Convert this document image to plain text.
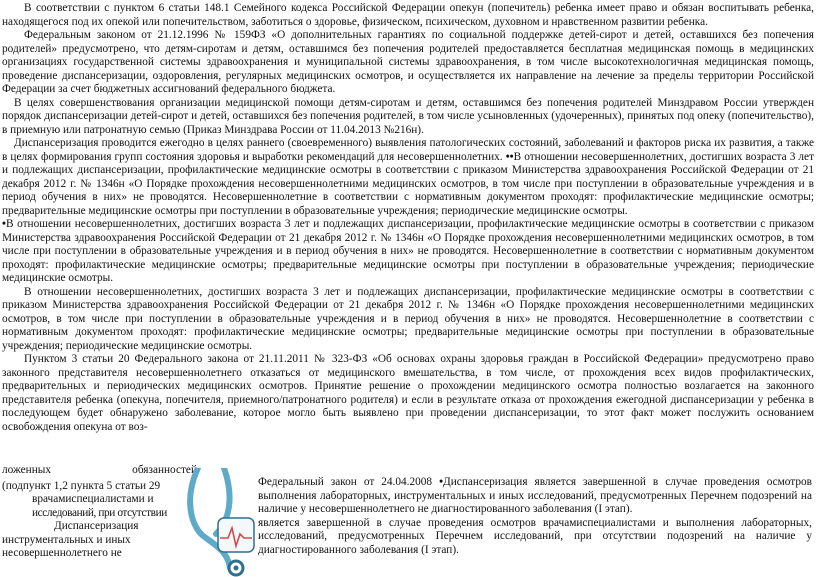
В соответствии с пунктом 6 статьи 148.1 Семейного кодекса Российской Федерации опекун (попечитель) ребенка имеет право и обязан воспитывать ребенка, находящегося под их опекой или попечительством, заботиться о здоровье, физическом, психическом, духовном и нравственном развитии ребенка.

Федеральным законом от 21.12.1996 № 159ФЗ «О дополнительных гарантиях по социальной поддержке детей-сирот и детей, оставшихся без попечения родителей» предусмотрено, что детям-сиротам и детям, оставшимся без попечения родителей предоставляется бесплатная медицинская помощь в медицинских организациях государственной системы здравоохранения и муниципальной системы здравоохранения, в том числе высокотехнологичная медицинская помощь, проведение диспансеризации, оздоровления, регулярных медицинских осмотров, и осуществляется их направление на лечение за пределы территории Российской Федерации за счет бюджетных ассигнований федерального бюджета.

В целях совершенствования организации медицинской помощи детям-сиротам и детям, оставшимся без попечения родителей Минздравом России утвержден порядок диспансеризации детей-сирот и детей, оставшихся без попечения родителей, в том числе усыновленных (удочеренных), принятых под опеку (попечительство), в приемную или патронатную семью (Приказ Минздрава России от 11.04.2013 №216н).

Диспансеризация проводится ежегодно в целях раннего (своевременного) выявления патологических состояний, заболеваний и факторов риска их развития, а также в целях формирования групп состояния здоровья и выработки рекомендаций для несовершеннолетних. ••В отношении несовершеннолетних, достигших возраста 3 лет и подлежащих диспансеризации, профилактические медицинские осмотры в соответствии с приказом Министерства здравоохранения Российской Федерации от 21 декабря 2012 г. № 1346н «О Порядке прохождения несовершеннолетними медицинских осмотров, в том числе при поступлении в образовательные учреждения и в период обучения в них» не проводятся. Несовершеннолетние в соответствии с нормативным документом проходят: профилактические медицинские осмотры; предварительные медицинские осмотры при поступлении в образовательные учреждения; периодические медицинские осмотры.

•В отношении несовершеннолетних, достигших возраста 3 лет и подлежащих диспансеризации, профилактические медицинские осмотры в соответствии с приказом Министерства здравоохранения Российской Федерации от 21 декабря 2012 г. № 1346н «О Порядке прохождения несовершеннолетними медицинских осмотров, в том числе при поступлении в образовательные учреждения и в период обучения в них» не проводятся. Несовершеннолетние в соответствии с нормативным документом проходят: профилактические медицинские осмотры; предварительные медицинские осмотры при поступлении в образовательные учреждения; периодические медицинские осмотры.

В отношении несовершеннолетних, достигших возраста 3 лет и подлежащих диспансеризации, профилактические медицинские осмотры в соответствии с приказом Министерства здравоохранения Российской Федерации от 21 декабря 2012 г. № 1346н «О Порядке прохождения несовершеннолетними медицинских осмотров, в том числе при поступлении в образовательные учреждения и в период обучения в них» не проводятся. Несовершеннолетние в соответствии с нормативным документом проходят: профилактические медицинские осмотры; предварительные медицинские осмотры при поступлении в образовательные учреждения; периодические медицинские осмотры.

Пунктом 3 статьи 20 Федерального закона от 21.11.2011 № 323-ФЗ «Об основах охраны здоровья граждан в Российской Федерации» предусмотрено право законного представителя несовершеннолетнего отказаться от медицинского вмешательства, в том числе, от прохождения всех видов профилактических, предварительных и периодических медицинских осмотров. Принятие решение о прохождении медицинского осмотра полностью возлагается на законного представителя ребенка (опекуна, попечителя, приемного/патронатного родителя) и если в результате отказа от прохождения ежегодной диспансеризации у ребенка в последующем будет обнаружено заболевание, которое могло быть выявлено при проведении диспансеризации, то этот факт может послужить основанием освобождения опекуна от воз-

ложенных обязанностей

(подпункт 1,2 пункта 5 статьи 29

врачамиспециалистами и

исследований, при отсутствии

Диспансеризация

инструментальных и иных

несовершеннолетнего не

Федеральный закон от 24.04.2008 •Диспансеризация является завершенной в случае проведения осмотров выполнения лабораторных, инструментальных и иных исследований, предусмотренных Перечнем подозрений на наличие у несовершеннолетнего не диагностированного заболевания (I этап).

является завершенной в случае проведения осмотров врачамиспециалистами и выполнения лабораторных, исследований, предусмотренных Перечнем исследований, при отсутствии подозрений на наличие у диагностированного заболевания (I этап).
